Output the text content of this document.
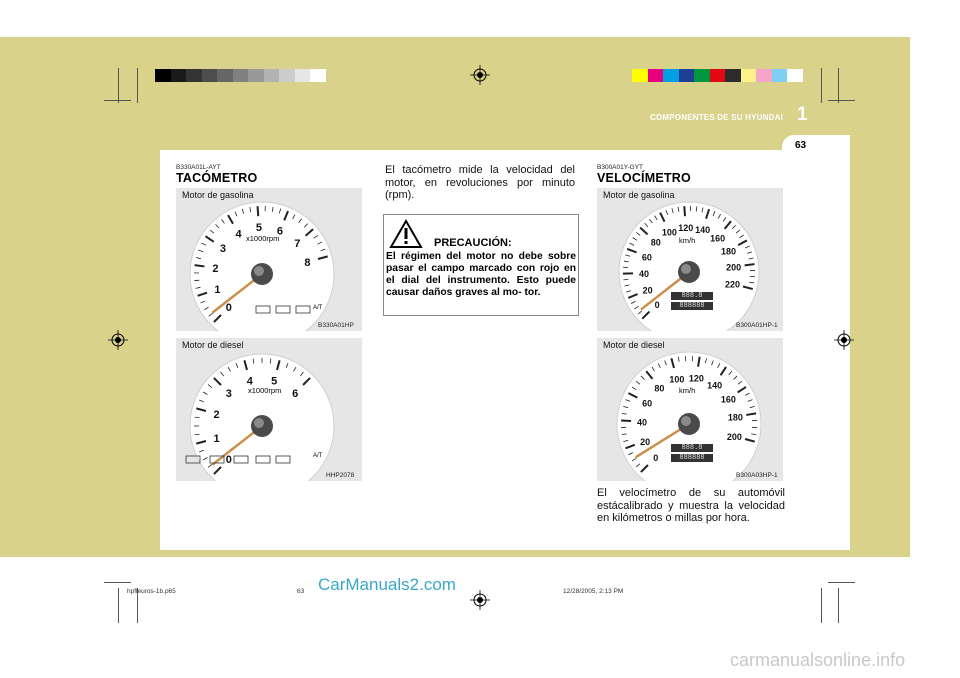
COMPONENTES DE SU HYUNDAI 1
63
B330A01L-AYT
TACÓMETRO
0
1
2
3
4
5 6
7
8
Motor de gasolina
x1000rpm
A/T
B330A01HP
0
1
2
3
4 5
6
Motor de diesel
x1000rpm
A/T
HHP2078
El tacómetro mide la velocidad del motor, en revoluciones por minuto (rpm).
PRECAUCIÓN:
El régimen del motor no debe sobre pasar el campo marcado con rojo en el dial del instrumento. Esto puede causar daños graves al mo- tor.
B300A01Y-GYT
VELOCÍMETRO
0
20
40
60
80
100 120 140
160
180
200
220
Motor de gasolina
km/h
888.8
888888
B300A01HP-1
0
20
40
60
80
100 120
140
160
180
200
Motor de diesel
km/h
888.8
888888
B300A03HP-1
El velocímetro de su automóvil estácalibrado y muestra la velocidad en kilómetros o millas por hora.
hpfleuros-1b.p65	63	12/28/2005, 2:13 PM
CarManuals2.com
carmanualsonline.info
